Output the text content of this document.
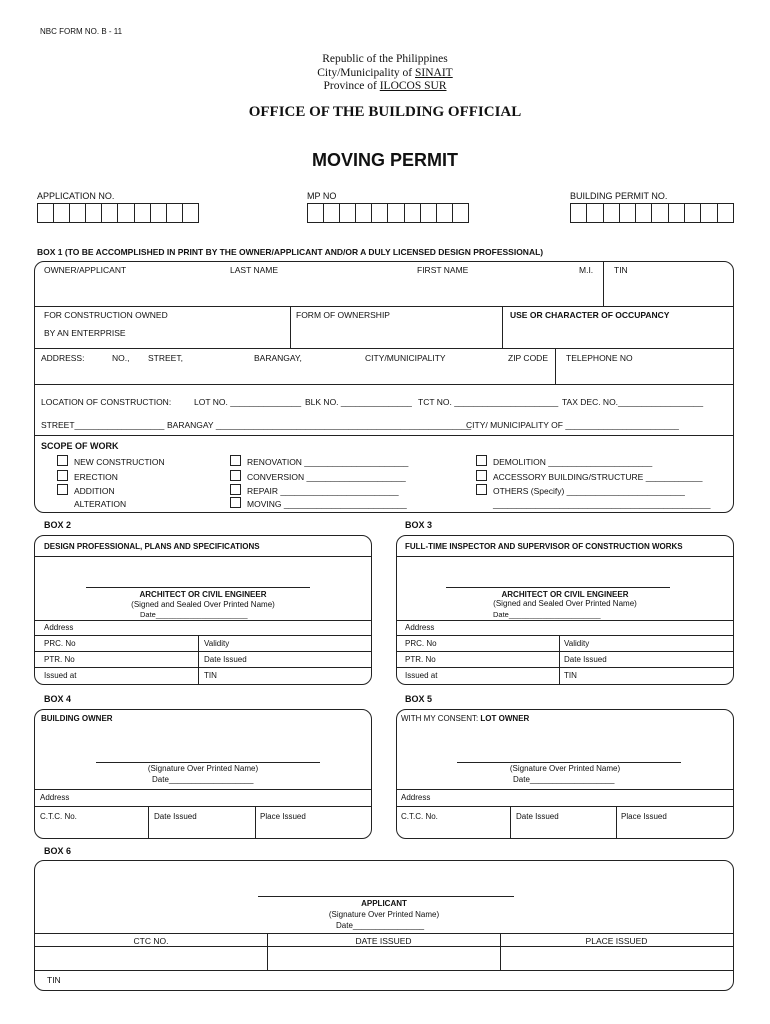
NBC FORM NO. B - 11
Republic of the Philippines
City/Municipality of SINAIT
Province of ILOCOS SUR
OFFICE OF THE BUILDING OFFICIAL
MOVING PERMIT
APPLICATION NO.	MP NO	BUILDING PERMIT NO.
BOX 1 (TO BE ACCOMPLISHED IN PRINT BY THE OWNER/APPLICANT AND/OR A DULY LICENSED DESIGN PROFESSIONAL)
OWNER/APPLICANT	LAST NAME	FIRST NAME	M.I. TIN
FOR CONSTRUCTION OWNED
BY AN ENTERPRISE
FORM OF OWNERSHIP	USE OR CHARACTER OF OCCUPANCY
ADDRESS:	NO., STREET,	BARANGAY,	CITY/MUNICIPALITY	ZIP CODE TELEPHONE NO
LOCATION OF CONSTRUCTION:	LOT NO. _______________ BLK NO. _______________ TCT NO. ______________________ TAX DEC. NO.__________________
STREET___________________ BARANGAY ______________________________________________________
CITY/ MUNICIPALITY OF ________________________
SCOPE OF WORK
NEW CONSTRUCTION
ERECTION
ADDITION
ALTERATION
RENOVATION ______________________
CONVERSION _____________________
REPAIR _________________________
MOVING __________________________
DEMOLITION ______________________
ACCESSORY BUILDING/STRUCTURE ____________
OTHERS (Specify) _________________________
______________________________________________
BOX 2
DESIGN PROFESSIONAL, PLANS AND SPECIFICATIONS
ARCHITECT OR CIVIL ENGINEER
(Signed and Sealed Over Printed Name)
Date______________________
Address
PRC. No	Validity
PTR. No	Date Issued
Issued at	TIN
BOX 3
FULL-TIME INSPECTOR AND SUPERVISOR OF CONSTRUCTION WORKS
ARCHITECT OR CIVIL ENGINEER
(Signed and Sealed Over Printed Name)
Date______________________
Address
PRC. No	Validity
PTR. No	Date Issued
Issued at	TIN
BOX 4
BUILDING OWNER
(Signature Over Printed Name)
Date___________________
Address
C.T.C. No.	Date Issued	Place Issued
BOX 5
WITH MY CONSENT: LOT OWNER
(Signature Over Printed Name)
Date___________________
Address
C.T.C. No.	Date Issued	Place Issued
BOX 6
APPLICANT
(Signature Over Printed Name)
Date________________
CTC NO.	DATE ISSUED	PLACE ISSUED
TIN
